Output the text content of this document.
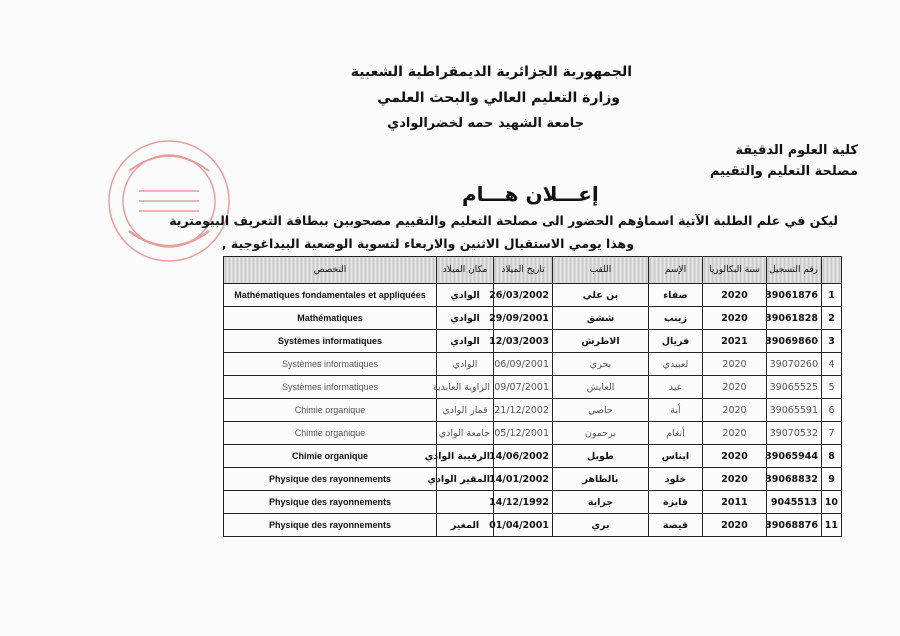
الجمهورية الجزائرية الديمقراطية الشعبية
وزارة التعليم العالي والبحث العلمي
جامعة الشهيد حمه لخضرالوادي
كلية العلوم الدقيقة
مصلحة التعليم والتقييم
إعـــلان هـــام
ليكن في علم الطلبة الآتية اسماؤهم الحضور الى مصلحة التعليم والتقييم مصحوبين ببطاقة التعريف البيومترية
وهذا يومي الاستقبال الاثنين والاربعاء لتسوية الوضعية البيداغوجية ,
	رقم التسجيل	سنة البكالوريا	الإسم	اللقب	تاريخ الميلاد	مكان الميلاد	التخصص
1	39061876	2020	صفاء	بن علي	26/03/2002	الوادي	Mathématiques fondamentales et appliquées
2	39061828	2020	زينب	ششق	29/09/2001	الوادي	Mathématiques
3	39069860	2021	فريال	الاطرش	12/03/2003	الوادي	Systèmes informatiques
4	39070260	2020	لعبيدي	بحري	06/09/2001	الوادي	Systèmes informatiques
5	39065525	2020	عيد	العايش	09/07/2001	الزاوية العابدية	Systèmes informatiques
6	39065591	2020	أية	حاصي	21/12/2002	قمار الوادي	Chimie organique
7	39070532	2020	أنغام	برحمون	05/12/2001	جامعة الوادي	Chimie organique
8	39065944	2020	ايناس	طويل	14/06/2002	الرقيبة الوادي	Chimie organique
9	39068832	2020	خلود	بالطاهر	14/01/2002	المقير الوادي	Physique des rayonnements
10	9045513	2011	فايزة	جراية	14/12/1992		Physique des rayonnements
11	39068876	2020	قيصة	بري	01/04/2001	المغير	Physique des rayonnements
